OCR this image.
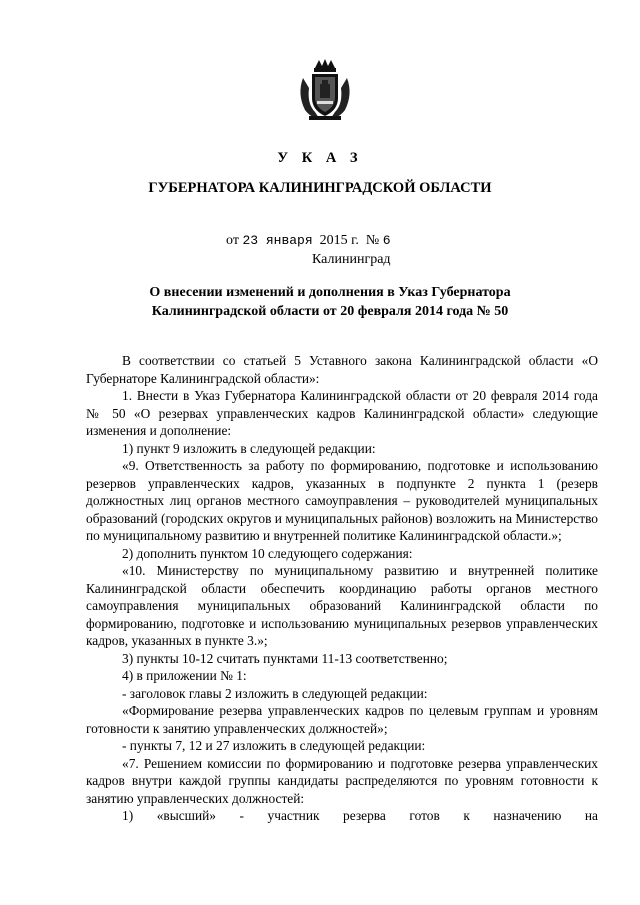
У К А З
ГУБЕРНАТОРА КАЛИНИНГРАДСКОЙ ОБЛАСТИ
от 23 января 2015 г. № 6
Калининград
О внесении изменений и дополнения в Указ Губернатора
Калининградской области от 20 февраля 2014 года № 50

В соответствии со статьей 5 Уставного закона Калининградской области «О Губернаторе Калининградской области»:

1. Внести в Указ Губернатора Калининградской области от 20 февраля 2014 года № 50 «О резервах управленческих кадров Калининградской области» следующие изменения и дополнение:

1) пункт 9 изложить в следующей редакции:

«9. Ответственность за работу по формированию, подготовке и использованию резервов управленческих кадров, указанных в подпункте 2 пункта 1 (резерв должностных лиц органов местного самоуправления – руководителей муниципальных образований (городских округов и муниципальных районов) возложить на Министерство по муниципальному развитию и внутренней политике Калининградской области.»;

2) дополнить пунктом 10 следующего содержания:

«10. Министерству по муниципальному развитию и внутренней политике Калининградской области обеспечить координацию работы органов местного самоуправления муниципальных образований Калининградской области по формированию, подготовке и использованию муниципальных резервов управленческих кадров, указанных в пункте 3.»;

3) пункты 10-12 считать пунктами 11-13 соответственно;

4) в приложении № 1:

- заголовок главы 2 изложить в следующей редакции:

«Формирование резерва управленческих кадров по целевым группам и уровням готовности к занятию управленческих должностей»;

- пункты 7, 12 и 27 изложить в следующей редакции:

«7. Решением комиссии по формированию и подготовке резерва управленческих кадров внутри каждой группы кандидаты распределяются по уровням готовности к занятию управленческих должностей:

1) «высший» - участник резерва готов к назначению на
